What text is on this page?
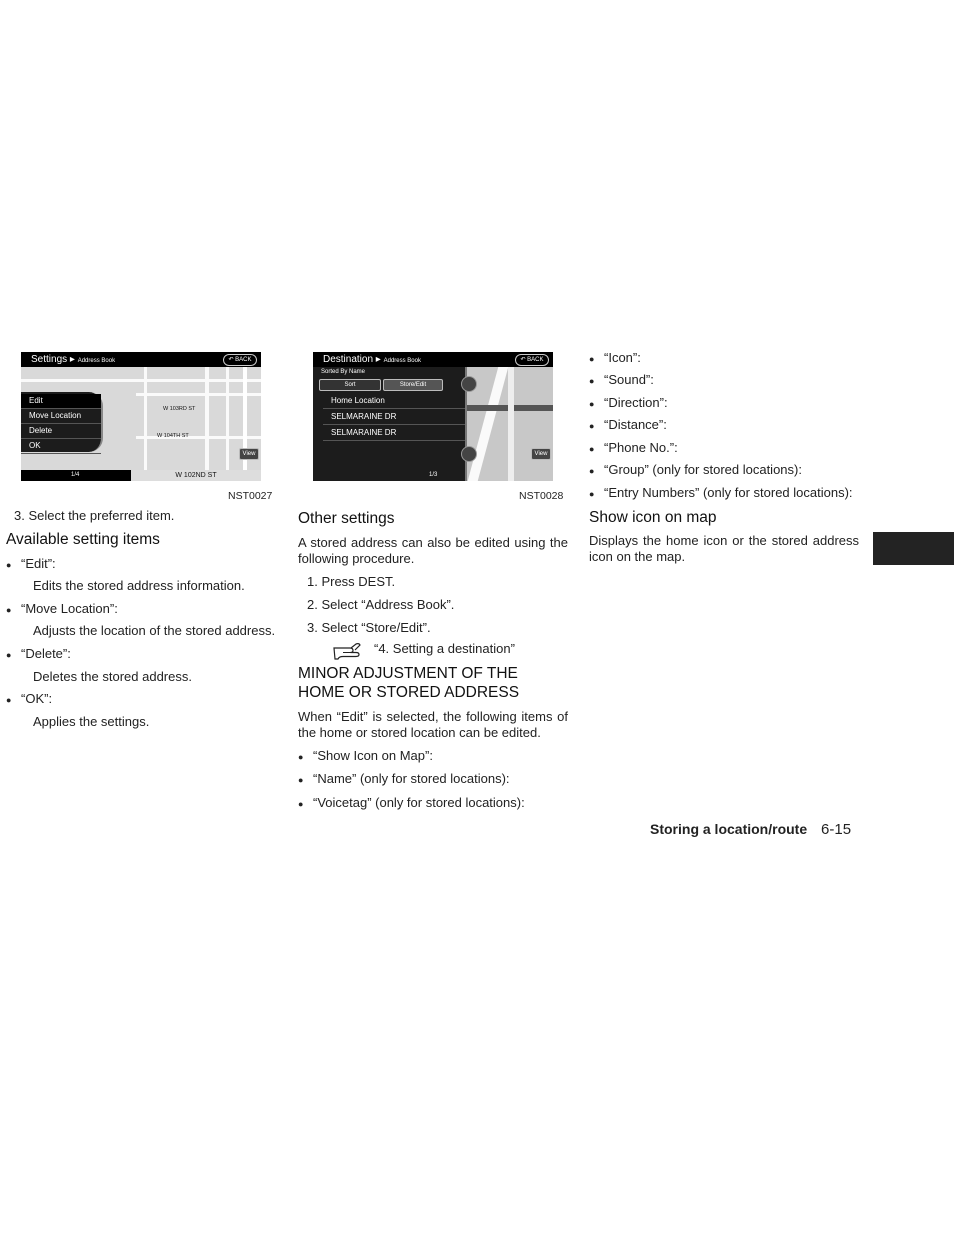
Settings ▸ Address Book	↶ BACK
W 103RD ST
W 104TH ST
Edit
Move Location
Delete
OK
1/4	W 102ND ST
View
NST0027
Destination ▸ Address Book	↶ BACK
Sorted By Name
Sort	Store/Edit
Home Location
SELMARAINE DR
SELMARAINE DR
1/3
View
NST0028
3. Select the preferred item.
Available setting items
● “Edit”:
Edits the stored address information.
● “Move Location”:
Adjusts the location of the stored address.
● “Delete”:
Deletes the stored address.
● “OK”:
Applies the settings.
Other settings
A stored address can also be edited using the following procedure.
1. Press DEST.
2. Select “Address Book”.
3. Select “Store/Edit”.
“4. Setting a destination”
MINOR ADJUSTMENT OF THE
HOME OR STORED ADDRESS
When “Edit” is selected, the following items of the home or stored location can be edited.
● “Show Icon on Map”:
● “Name” (only for stored locations):
● “Voicetag” (only for stored locations):
● “Icon”:
● “Sound”:
● “Direction”:
● “Distance”:
● “Phone No.”:
● “Group” (only for stored locations):
● “Entry Numbers” (only for stored locations):
Show icon on map
Displays the home icon or the stored address icon on the map.
Storing a location/route 6-15
